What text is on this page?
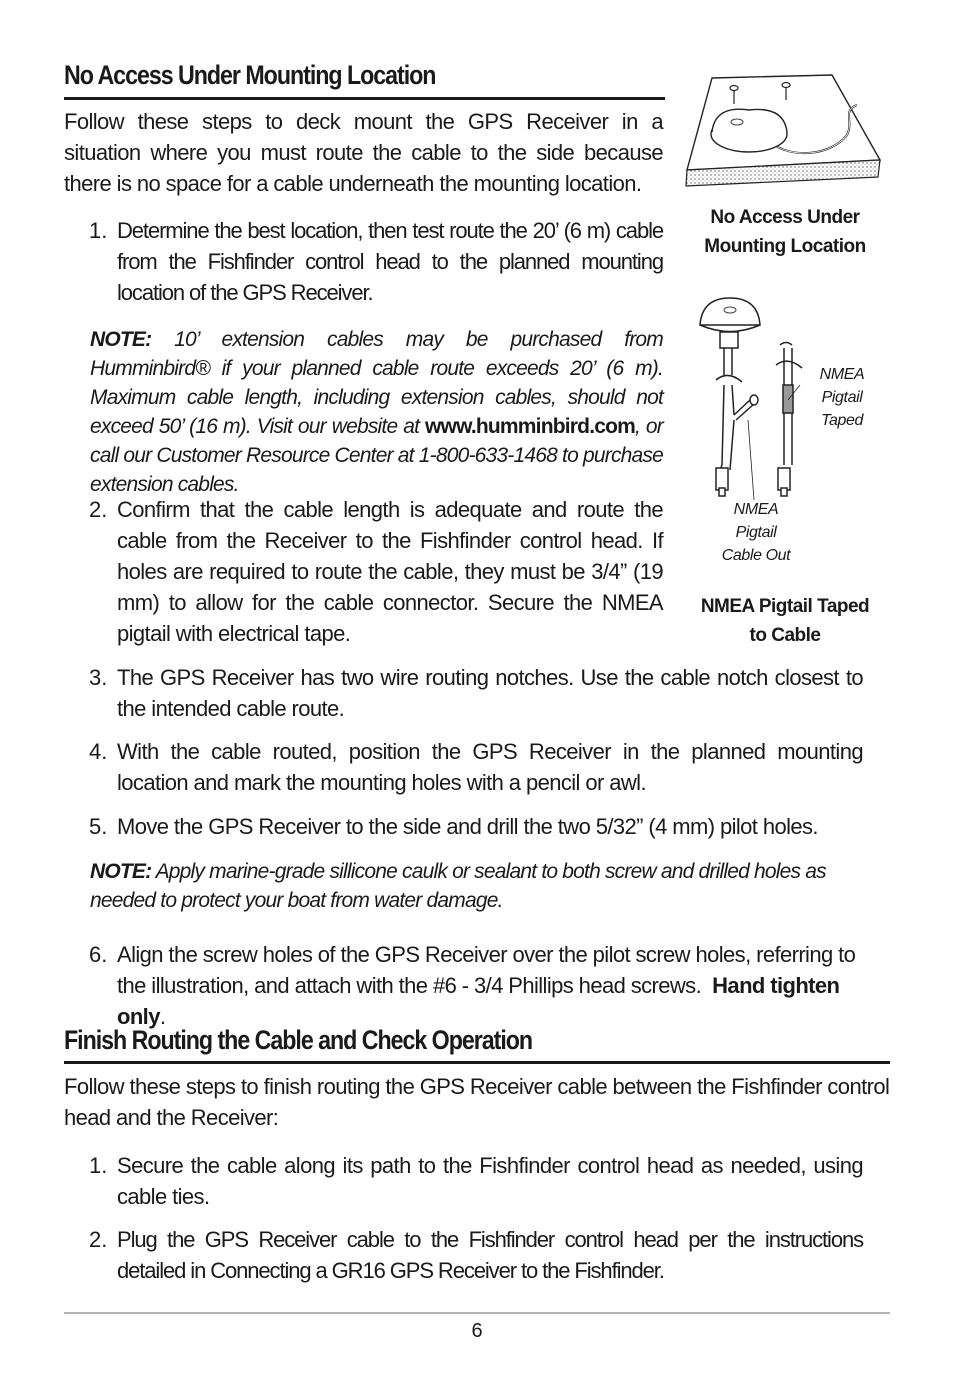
No Access Under Mounting Location
Follow these steps to deck mount the GPS Receiver in a situation where you must route the cable to the side because there is no space for a cable underneath the mounting location.
1. Determine the best location, then test route the 20’ (6 m) cable from the Fishfinder control head to the planned mounting location of the GPS Receiver.
NOTE: 10’ extension cables may be purchased from Humminbird® if your planned cable route exceeds 20’ (6 m). Maximum cable length, including extension cables, should not exceed 50’ (16 m). Visit our website at www.humminbird.com, or call our Customer Resource Center at 1-800-633-1468 to purchase extension cables.
2. Confirm that the cable length is adequate and route the cable from the Receiver to the Fishfinder control head. If holes are required to route the cable, they must be 3/4” (19 mm) to allow for the cable connector. Secure the NMEA pigtail with electrical tape.
3. The GPS Receiver has two wire routing notches. Use the cable notch closest to the intended cable route.
4. With the cable routed, position the GPS Receiver in the planned mounting location and mark the mounting holes with a pencil or awl.
5. Move the GPS Receiver to the side and drill the two 5/32” (4 mm) pilot holes.
NOTE: Apply marine-grade sillicone caulk or sealant to both screw and drilled holes as needed to protect your boat from water damage.
6. Align the screw holes of the GPS Receiver over the pilot screw holes, referring to the illustration, and attach with the #6 - 3/4 Phillips head screws. Hand tighten only.
Finish Routing the Cable and Check Operation
Follow these steps to finish routing the GPS Receiver cable between the Fishfinder control head and the Receiver:
1. Secure the cable along its path to the Fishfinder control head as needed, using cable ties.
2. Plug the GPS Receiver cable to the Fishfinder control head per the instructions detailed in Connecting a GR16 GPS Receiver to the Fishfinder.
No Access Under
Mounting Location
NMEA
Pigtail
Taped
NMEA
Pigtail
Cable Out
NMEA Pigtail Taped
to Cable
6
